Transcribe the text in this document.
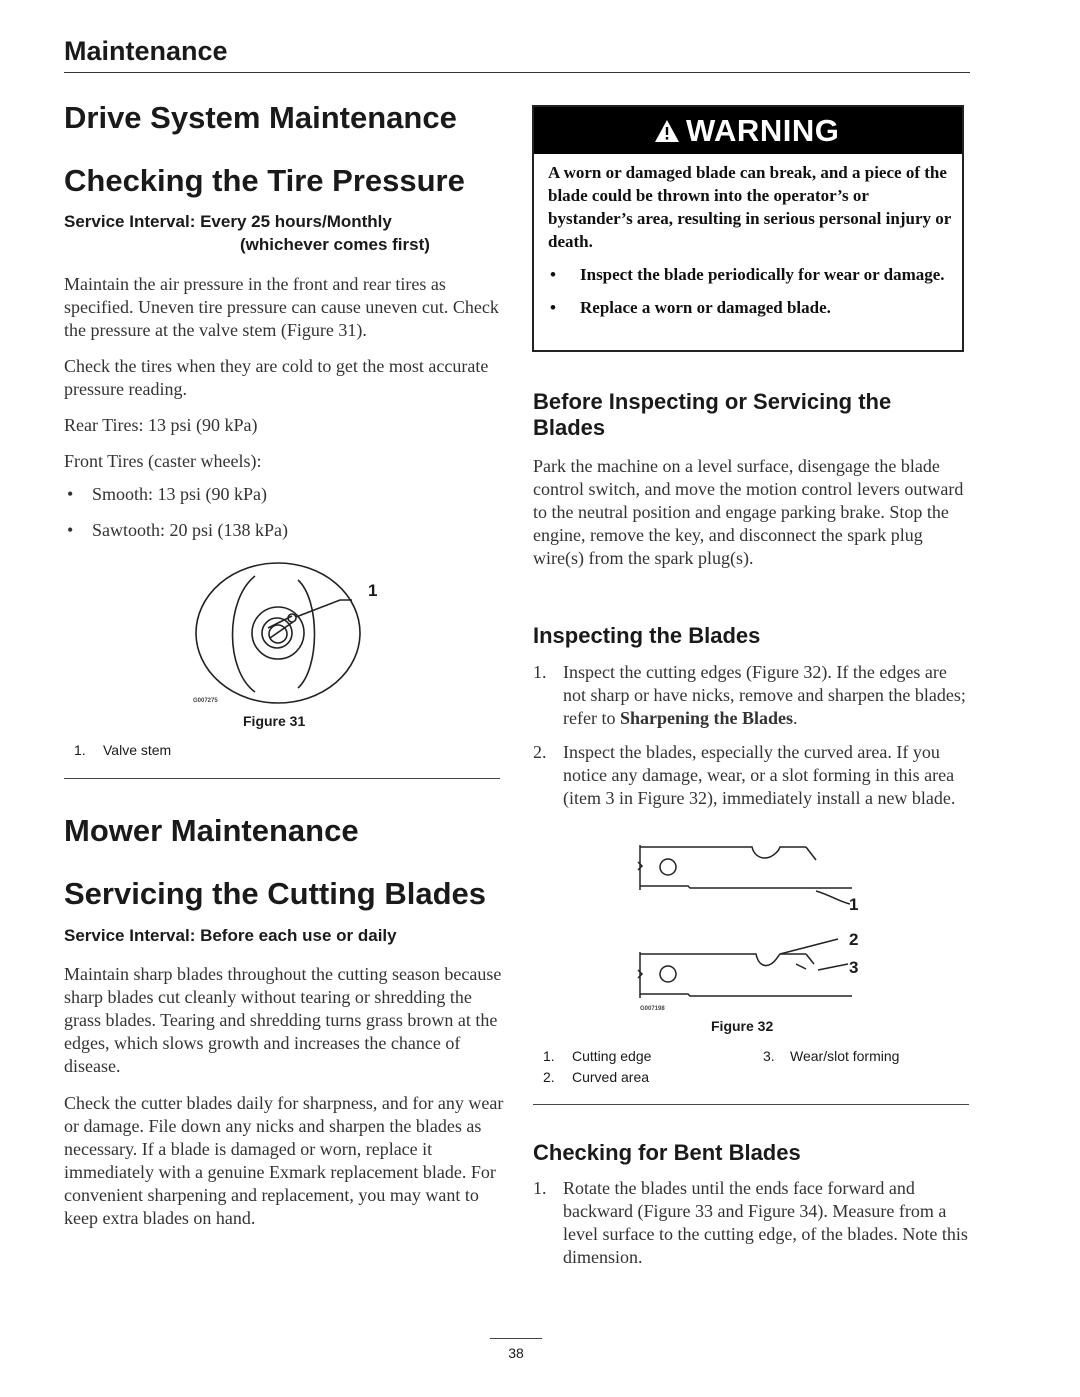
Maintenance
Drive System Maintenance
Checking the Tire Pressure
Service Interval: Every 25 hours/Monthly
(whichever comes first)

Maintain the air pressure in the front and rear tires as specified. Uneven tire pressure can cause uneven cut. Check the pressure at the valve stem (Figure 31).

Check the tires when they are cold to get the most accurate pressure reading.

Rear Tires: 13 psi (90 kPa)

Front Tires (caster wheels):

• Smooth: 13 psi (90 kPa)

• Sawtooth: 20 psi (138 kPa)

1
G007275
Figure 31
1. Valve stem
Mower Maintenance
Servicing the Cutting Blades
Service Interval: Before each use or daily

Maintain sharp blades throughout the cutting season because sharp blades cut cleanly without tearing or shredding the grass blades. Tearing and shredding turns grass brown at the edges, which slows growth and increases the chance of disease.

Check the cutter blades daily for sharpness, and for any wear or damage. File down any nicks and sharpen the blades as necessary. If a blade is damaged or worn, replace it immediately with a genuine Exmark replacement blade. For convenient sharpening and replacement, you may want to keep extra blades on hand.

WARNING

A worn or damaged blade can break, and a piece of the blade could be thrown into the operator’s or bystander’s area, resulting in serious personal injury or death.

• Inspect the blade periodically for wear or damage.

• Replace a worn or damaged blade.

Before Inspecting or Servicing the Blades
Park the machine on a level surface, disengage the blade control switch, and move the motion control levers outward to the neutral position and engage parking brake. Stop the engine, remove the key, and disconnect the spark plug wire(s) from the spark plug(s).
Inspecting the Blades

1. Inspect the cutting edges (Figure 32). If the edges are not sharp or have nicks, remove and sharpen the blades; refer to Sharpening the Blades.

2. Inspect the blades, especially the curved area. If you notice any damage, wear, or a slot forming in this area (item 3 in Figure 32), immediately install a new blade.

1
2
3
G007198
Figure 32
1. Cutting edge
2. Curved area
3. Wear/slot forming
Checking for Bent Blades

1. Rotate the blades until the ends face forward and backward (Figure 33 and Figure 34). Measure from a level surface to the cutting edge, of the blades. Note this dimension.

38
